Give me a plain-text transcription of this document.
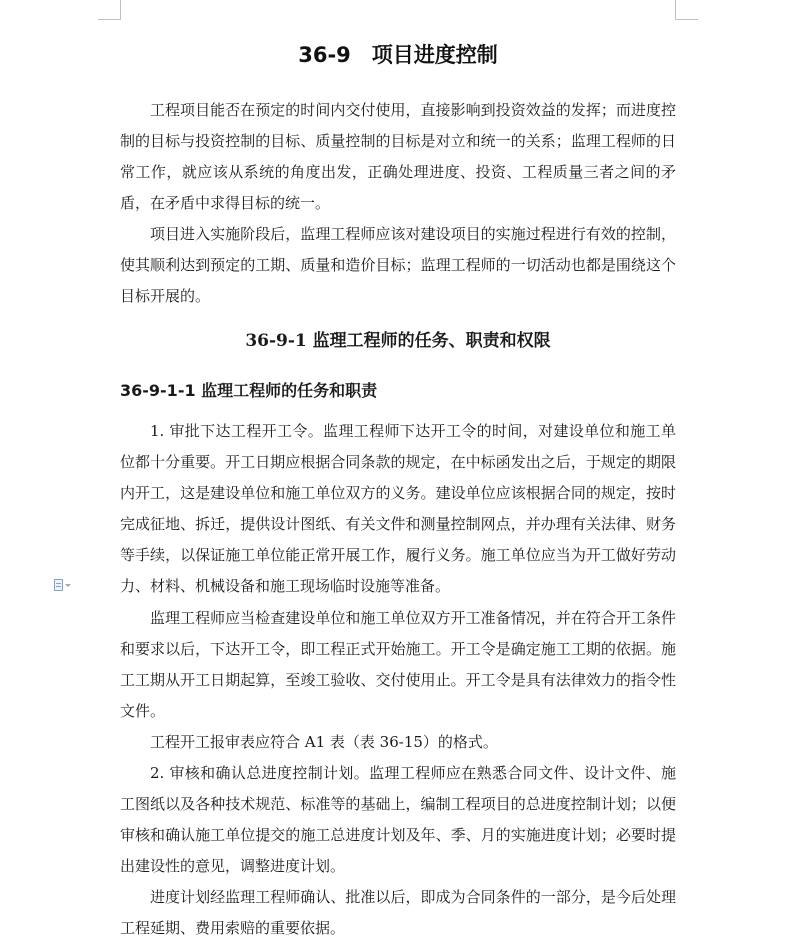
36-9　项目进度控制

工程项目能否在预定的时间内交付使用，直接影响到投资效益的发挥；而进度控制的目标与投资控制的目标、质量控制的目标是对立和统一的关系；监理工程师的日常工作，就应该从系统的角度出发，正确处理进度、投资、工程质量三者之间的矛盾，在矛盾中求得目标的统一。

项目进入实施阶段后，监理工程师应该对建设项目的实施过程进行有效的控制，使其顺利达到预定的工期、质量和造价目标；监理工程师的一切活动也都是围绕这个目标开展的。

36-9-1 监理工程师的任务、职责和权限

36-9-1-1 监理工程师的任务和职责

1. 审批下达工程开工令。监理工程师下达开工令的时间，对建设单位和施工单位都十分重要。开工日期应根据合同条款的规定，在中标函发出之后，于规定的期限内开工，这是建设单位和施工单位双方的义务。建设单位应该根据合同的规定，按时完成征地、拆迁，提供设计图纸、有关文件和测量控制网点，并办理有关法律、财务等手续，以保证施工单位能正常开展工作，履行义务。施工单位应当为开工做好劳动力、材料、机械设备和施工现场临时设施等准备。

监理工程师应当检查建设单位和施工单位双方开工准备情况，并在符合开工条件和要求以后，下达开工令，即工程正式开始施工。开工令是确定施工工期的依据。施工工期从开工日期起算，至竣工验收、交付使用止。开工令是具有法律效力的指令性文件。

工程开工报审表应符合 A1 表（表 36-15）的格式。

2. 审核和确认总进度控制计划。监理工程师应在熟悉合同文件、设计文件、施工图纸以及各种技术规范、标准等的基础上，编制工程项目的总进度控制计划；以便审核和确认施工单位提交的施工总进度计划及年、季、月的实施进度计划；必要时提出建设性的意见，调整进度计划。

进度计划经监理工程师确认、批准以后，即成为合同条件的一部分，是今后处理工程延期、费用索赔的重要依据。
